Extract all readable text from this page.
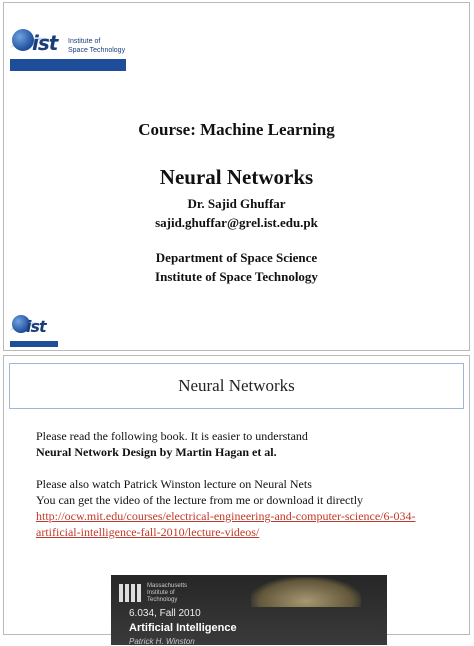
ist Institute of
Space Technology
Course: Machine Learning
Neural Networks
Dr. Sajid Ghuffar
sajid.ghuffar@grel.ist.edu.pk
Department of Space Science
Institute of Space Technology
ist
Neural Networks
Please read the following book. It is easier to understand
Neural Network Design by Martin Hagan et al.
Please also watch Patrick Winston lecture on Neural Nets
You can get the video of the lecture from me or download it directly
http://ocw.mit.edu/courses/electrical-engineering-and-computer-science/6-034-
artificial-intelligence-fall-2010/lecture-videos/
Massachusetts
Institute of
Technology
6.034, Fall 2010
Artificial Intelligence
Patrick H. Winston
